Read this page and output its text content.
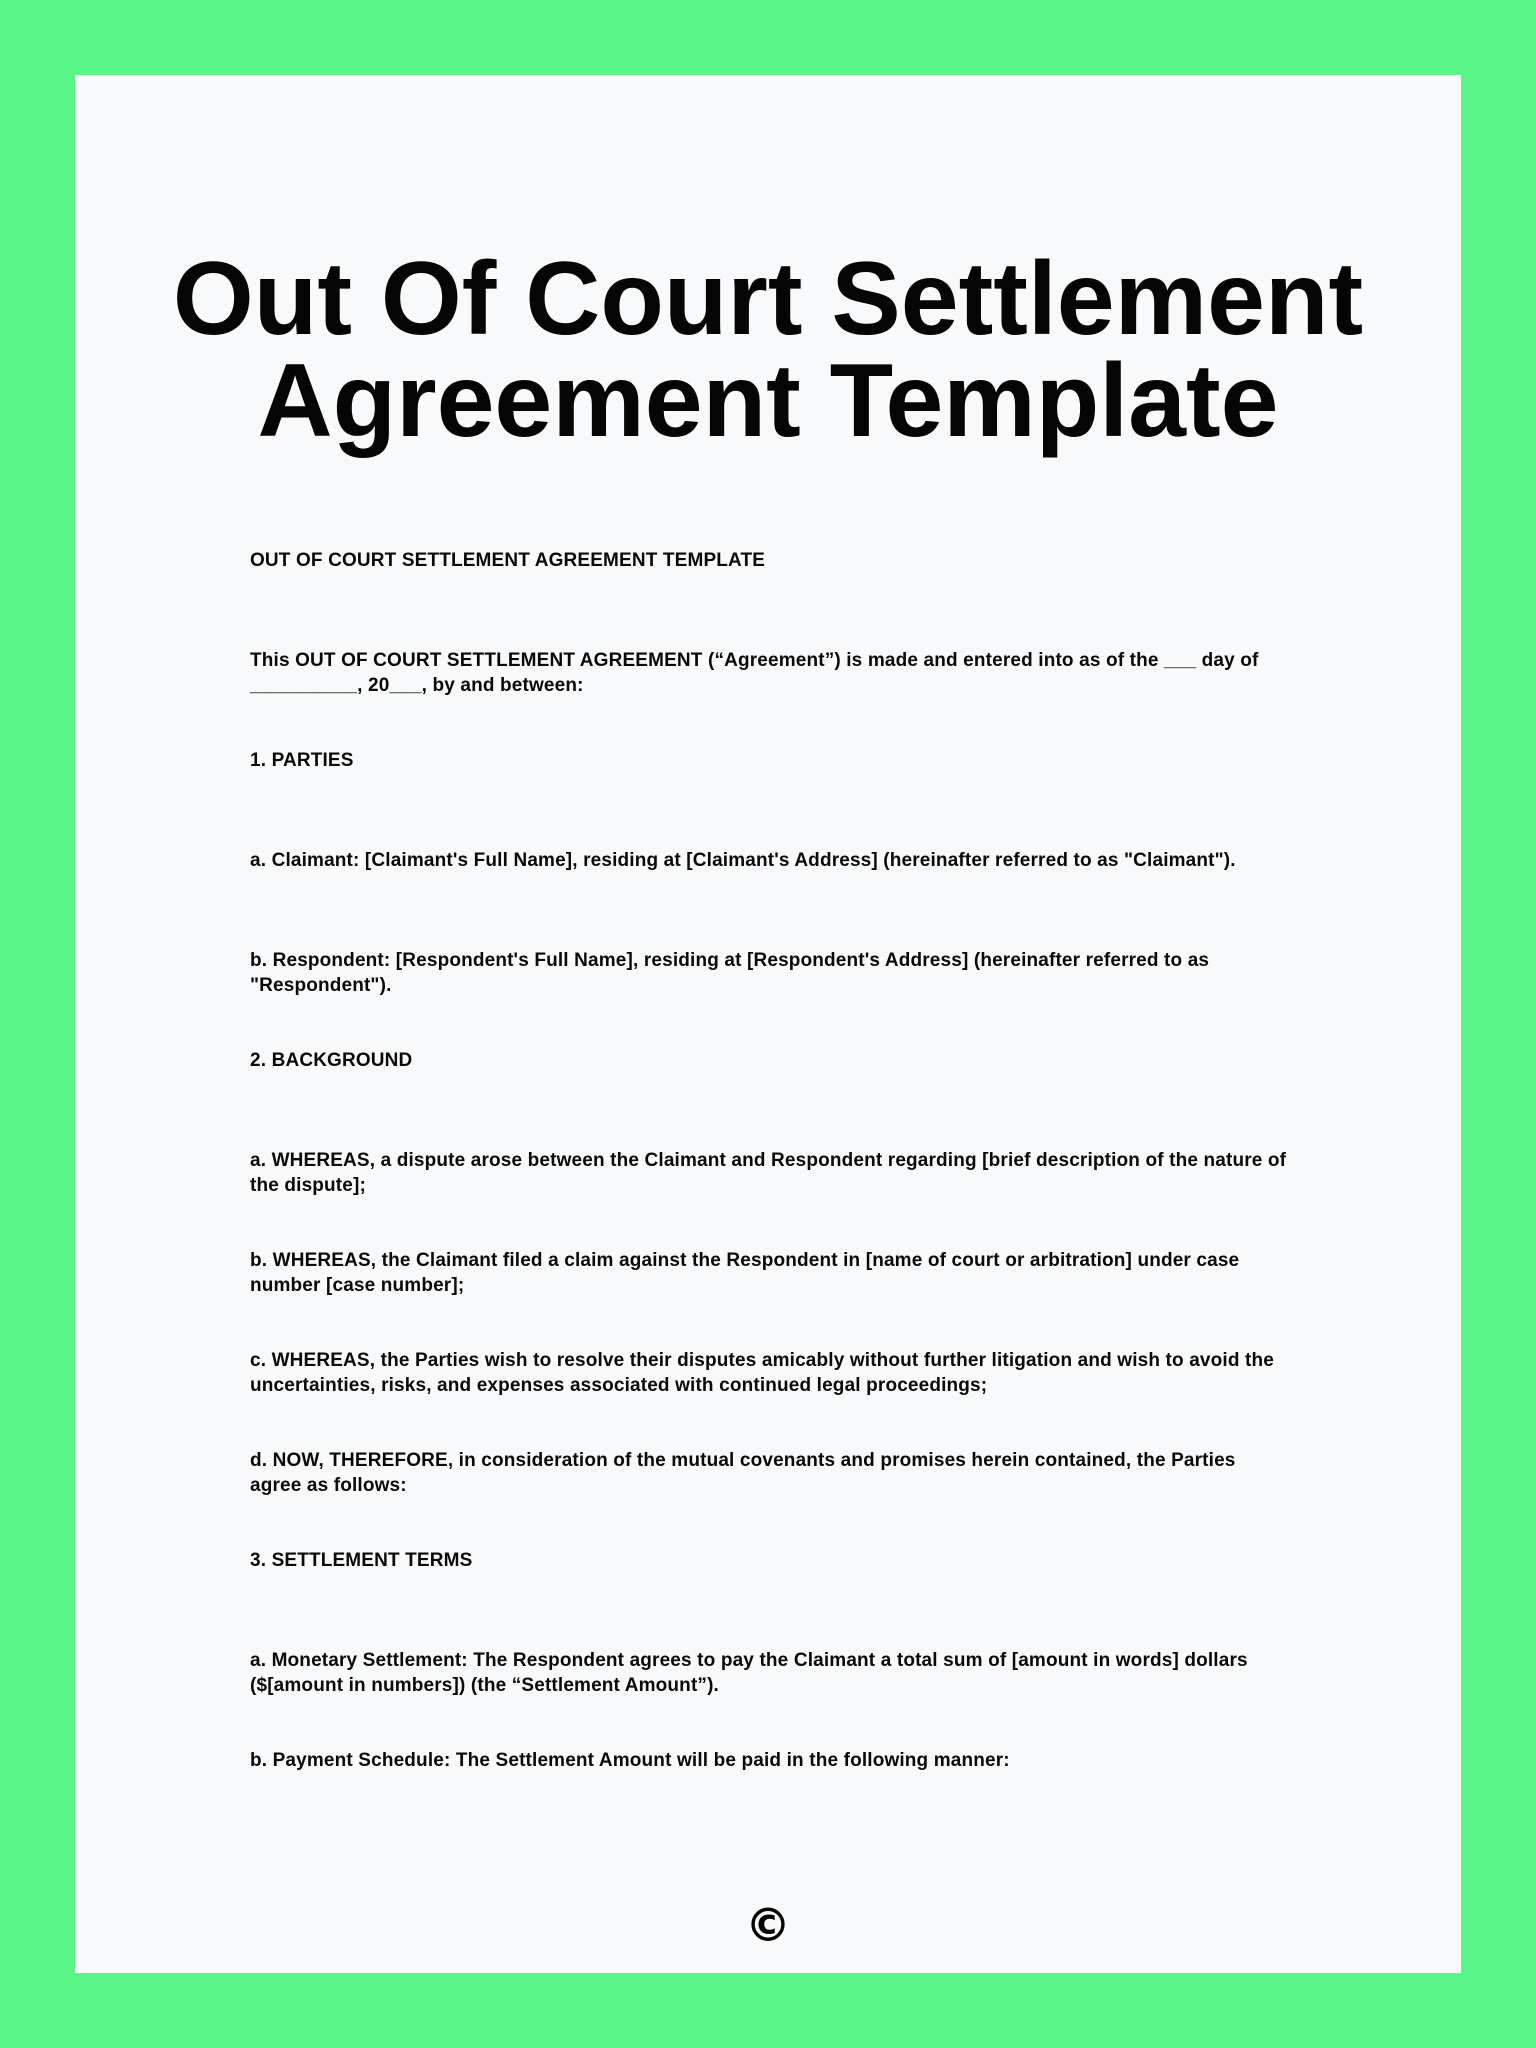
Out Of Court Settlement
Agreement Template

OUT OF COURT SETTLEMENT AGREEMENT TEMPLATE

This OUT OF COURT SETTLEMENT AGREEMENT (“Agreement”) is made and entered into as of the ___ day of __________, 20___, by and between:

1. PARTIES

a. Claimant: [Claimant's Full Name], residing at [Claimant's Address] (hereinafter referred to as "Claimant").

b. Respondent: [Respondent's Full Name], residing at [Respondent's Address] (hereinafter referred to as "Respondent").

2. BACKGROUND

a. WHEREAS, a dispute arose between the Claimant and Respondent regarding [brief description of the nature of the dispute];

b. WHEREAS, the Claimant filed a claim against the Respondent in [name of court or arbitration] under case number [case number];

c. WHEREAS, the Parties wish to resolve their disputes amicably without further litigation and wish to avoid the uncertainties, risks, and expenses associated with continued legal proceedings;

d. NOW, THEREFORE, in consideration of the mutual covenants and promises herein contained, the Parties agree as follows:

3. SETTLEMENT TERMS

a. Monetary Settlement: The Respondent agrees to pay the Claimant a total sum of [amount in words] dollars ($[amount in numbers]) (the “Settlement Amount”).

b. Payment Schedule: The Settlement Amount will be paid in the following manner:

©
